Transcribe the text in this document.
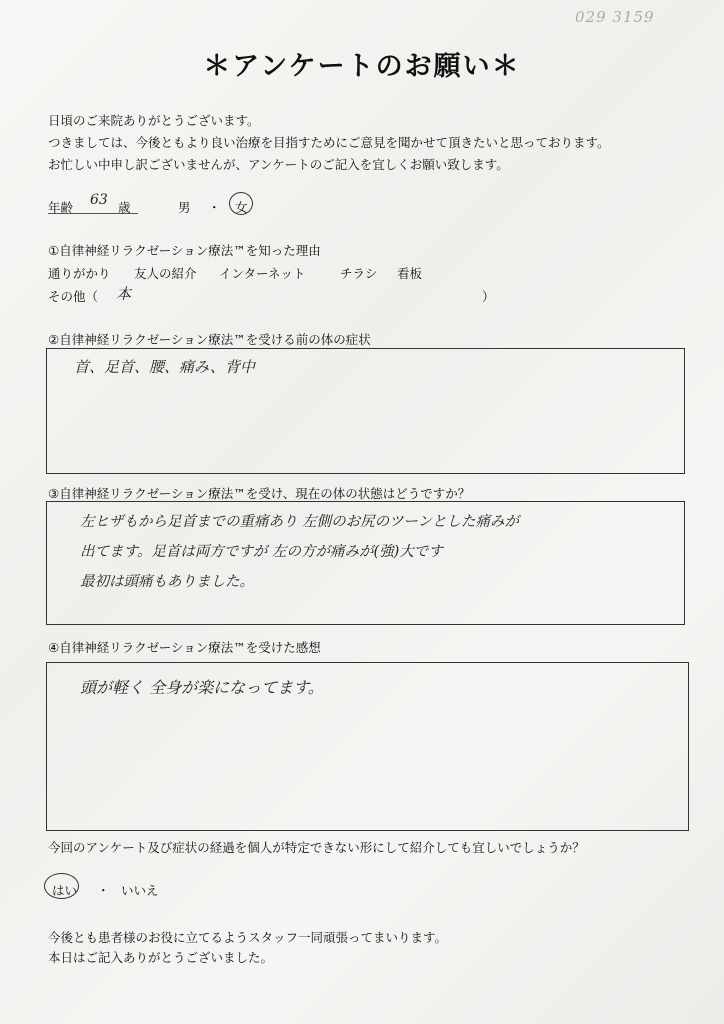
029 3159
＊アンケートのお願い＊
日頃のご来院ありがとうございます。
つきましては、今後ともより良い治療を目指すためにご意見を聞かせて頂きたいと思っております。
お忙しい中申し訳ございませんが、アンケートのご記入を宜しくお願い致します。
年齢 63 歳	男 ・ 女
①自律神経リラクゼーション療法™を知った理由
通りがかり 友人の紹介 インターネット	チラシ 看板
その他（ 本	）
②自律神経リラクゼーション療法™を受ける前の体の症状
首、足首、腰、痛み、背中
③自律神経リラクゼーション療法™を受け、現在の体の状態はどうですか？
左ヒザもから足首までの重痛あり 左側のお尻のツーンとした痛みが
出てます。足首は両方ですが 左の方が痛みが(強)大です
最初は頭痛もありました。
④自律神経リラクゼーション療法™を受けた感想
頭が軽く 全身が楽になってます。
今回のアンケート及び症状の経過を個人が特定できない形にして紹介しても宜しいでしょうか？
はい ・ いいえ
今後とも患者様のお役に立てるようスタッフ一同頑張ってまいります。
本日はご記入ありがとうございました。
